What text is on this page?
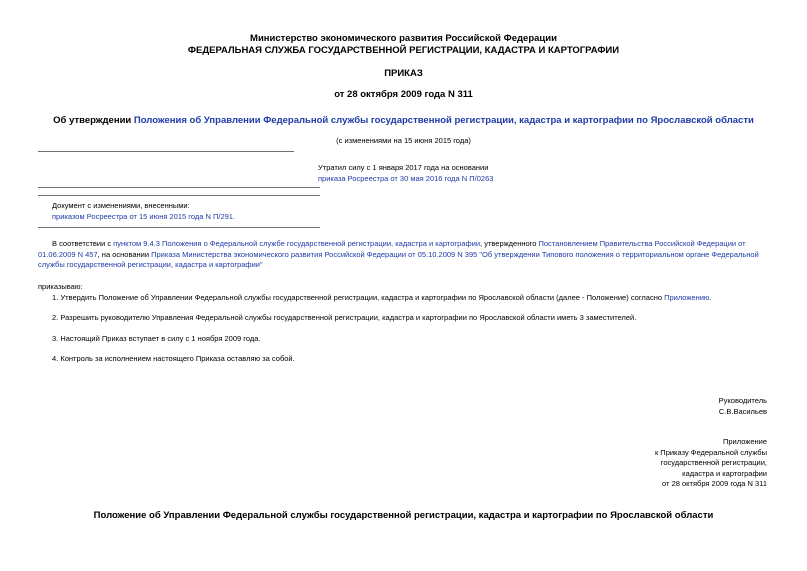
Министерство экономического развития Российской Федерации
ФЕДЕРАЛЬНАЯ СЛУЖБА ГОСУДАРСТВЕННОЙ РЕГИСТРАЦИИ, КАДАСТРА И КАРТОГРАФИИ
ПРИКАЗ
от 28 октября 2009 года N 311
Об утверждении Положения об Управлении Федеральной службы государственной регистрации, кадастра и картографии по Ярославской области
(с изменениями на 15 июня 2015 года)
Утратил силу с 1 января 2017 года на основании
приказа Росреестра от 30 мая 2016 года N П/0263
Документ с изменениями, внесенными:
приказом Росреестра от 15 июня 2015 года N П/291.
В соответствии с пунктом 9.4.3 Положения о Федеральной службе государственной регистрации, кадастра и картографии, утвержденного Постановлением Правительства Российской Федерации от 01.06.2009 N 457, на основании Приказа Министерства экономического развития Российской Федерации от 05.10.2009 N 395 "Об утверждении Типового положения о территориальном органе Федеральной службы государственной регистрации, кадастра и картографии"
приказываю:
1. Утвердить Положение об Управлении Федеральной службы государственной регистрации, кадастра и картографии по Ярославской области (далее - Положение) согласно Приложению.
2. Разрешить руководителю Управления Федеральной службы государственной регистрации, кадастра и картографии по Ярославской области иметь 3 заместителей.
3. Настоящий Приказ вступает в силу с 1 ноября 2009 года.
4. Контроль за исполнением настоящего Приказа оставляю за собой.
Руководитель
С.В.Васильев
Приложение
к Приказу Федеральной службы
государственной регистрации,
кадастра и картографии
от 28 октября 2009 года N 311
Положение об Управлении Федеральной службы государственной регистрации, кадастра и картографии по Ярославской области
